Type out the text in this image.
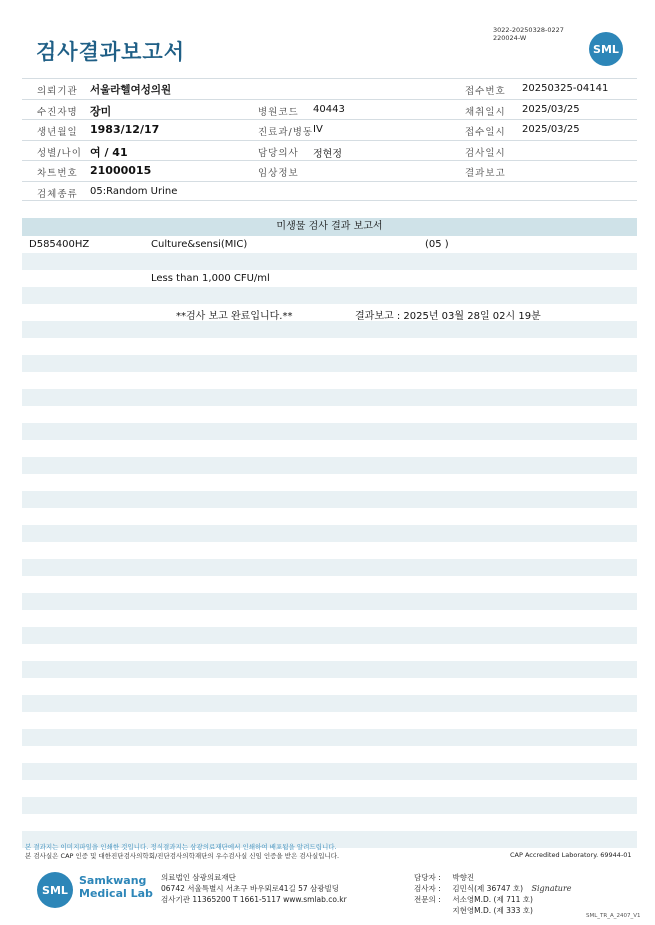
검사결과보고서
3022-20250328-0227
220024-W
SML
의뢰기관 서울라헬여성의원	접수번호 20250325-04141
수진자명 장미	병원코드 40443	채취일시 2025/03/25
생년월일 1983/12/17	진료과/병동 IV	접수일시 2025/03/25
성별/나이 여 / 41	담당의사 정현정	검사일시
차트번호 21000015	임상정보	결과보고
검체종류 05:Random Urine
미생물 검사 결과 보고서
D585400HZ	Culture&sensi(MIC)	(05 )
Less than 1,000 CFU/ml
**검사 보고 완료입니다.**	결과보고 : 2025년 03월 28일 02시 19분
본 결과지는 이미지파일을 인쇄한 것입니다. 정식결과지는 삼광의료재단에서 인쇄하여 배포됨을 알려드립니다.
본 검사실은 CAP 인증 및 대한진단검사의학회/진단검사의학재단의 우수검사실 신임 인증을 받은 검사실입니다.	CAP Accredited Laboratory. 69944-01
SML
Samkwang
Medical Lab
의료법인 삼광의료재단
06742 서울특별시 서초구 바우뫼로41길 57 삼광빌딩
검사기관 11365200 T 1661-5117 www.smlab.co.kr
담당자 : 박향진
검사자 : 김민식(제 36747 호) Signature
전문의 : 서소영M.D. (제 711 호)
지현영M.D. (제 333 호)
SML_TR_A_2407_V1
